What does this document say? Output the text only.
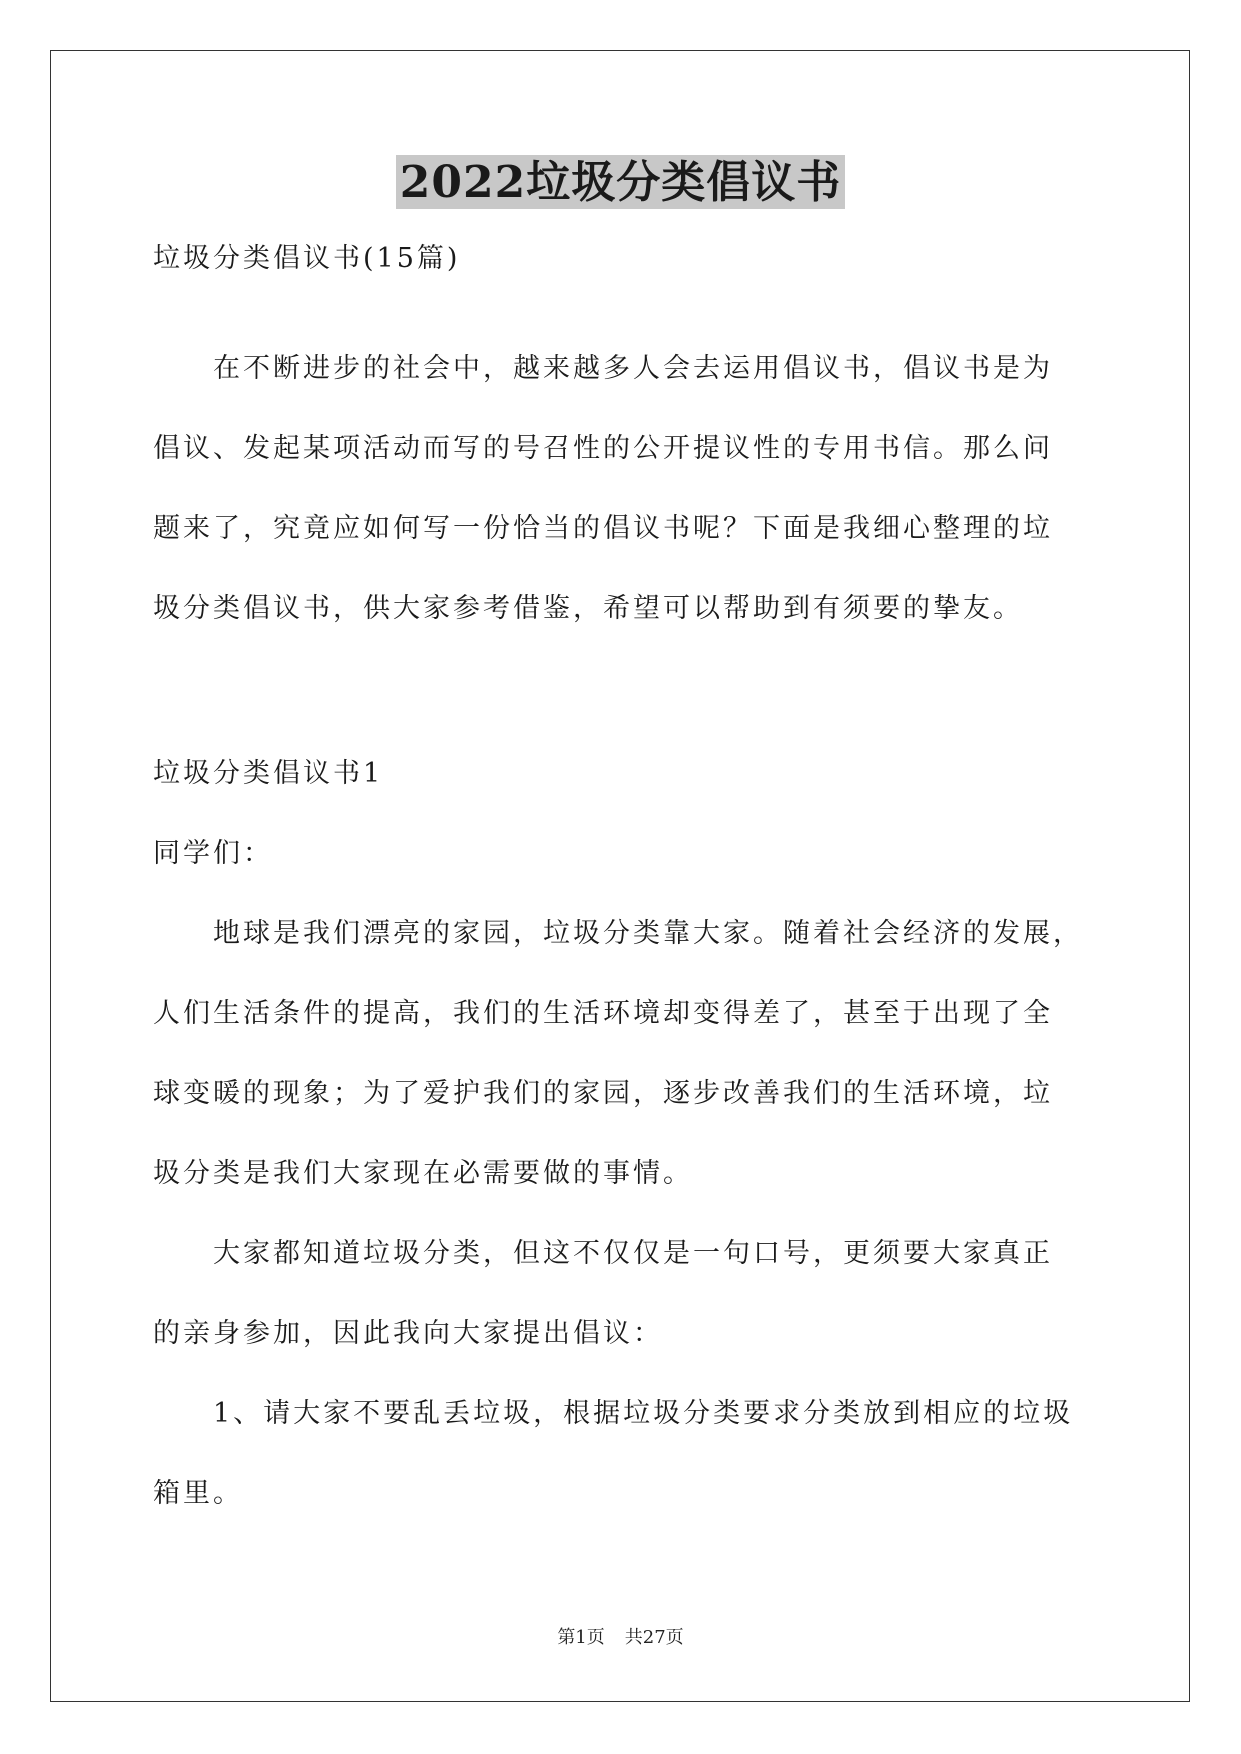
2022垃圾分类倡议书

垃圾分类倡议书(15篇)

在不断进步的社会中，越来越多人会去运用倡议书，倡议书是为

倡议、发起某项活动而写的号召性的公开提议性的专用书信。那么问

题来了，究竟应如何写一份恰当的倡议书呢？下面是我细心整理的垃

圾分类倡议书，供大家参考借鉴，希望可以帮助到有须要的挚友。

垃圾分类倡议书1

同学们：

地球是我们漂亮的家园，垃圾分类靠大家。随着社会经济的发展，

人们生活条件的提高，我们的生活环境却变得差了，甚至于出现了全

球变暖的现象；为了爱护我们的家园，逐步改善我们的生活环境，垃

圾分类是我们大家现在必需要做的事情。

大家都知道垃圾分类，但这不仅仅是一句口号，更须要大家真正

的亲身参加，因此我向大家提出倡议：

1、请大家不要乱丢垃圾，根据垃圾分类要求分类放到相应的垃圾

箱里。

第1页 共27页
